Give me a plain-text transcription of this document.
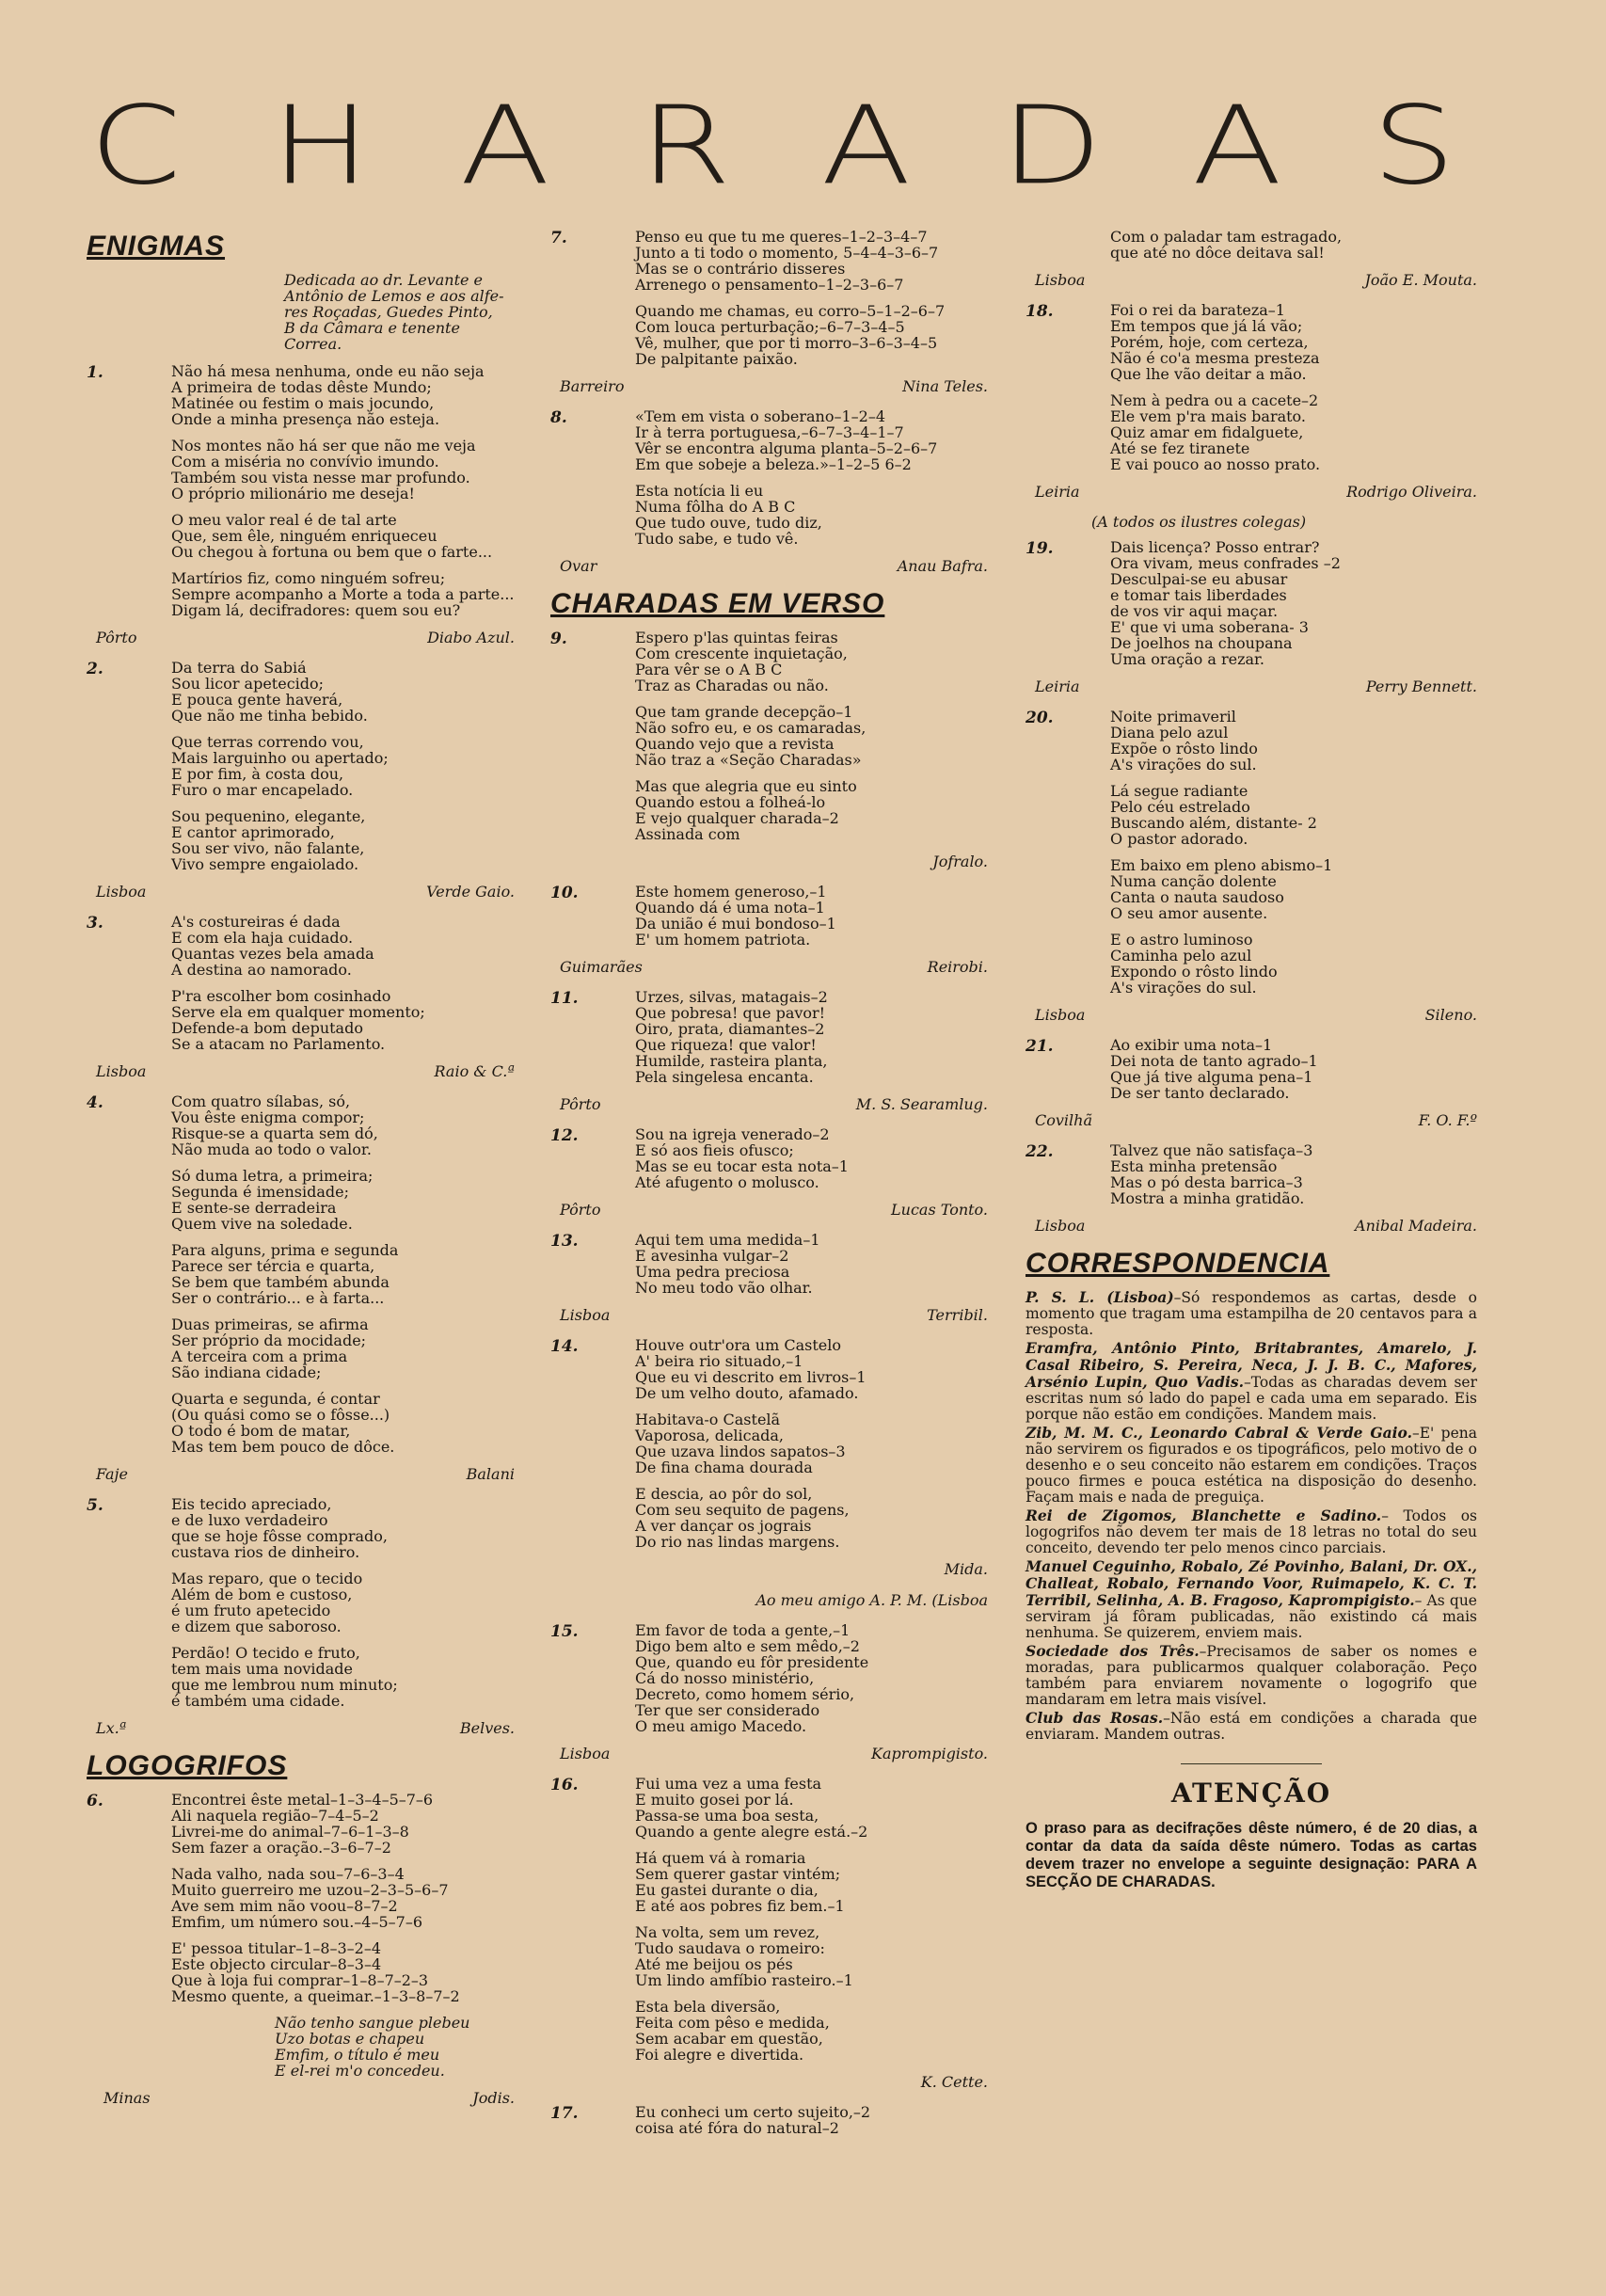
C H A R A D A S
ENIGMAS
Dedicada ao dr. Levante e
Antônio de Lemos e aos alfe-
res Roçadas, Guedes Pinto,
B da Câmara e tenente Correa.
1.	Não há mesa nenhuma, onde eu não seja
A primeira de todas dêste Mundo;
Matinée ou festim o mais jocundo,
Onde a minha presença não esteja.
Nos montes não há ser que não me veja
Com a miséria no convívio imundo.
Também sou vista nesse mar profundo.
O próprio milionário me deseja!
O meu valor real é de tal arte
Que, sem êle, ninguém enriqueceu
Ou chegou à fortuna ou bem que o farte...
Martírios fiz, como ninguém sofreu;
Sempre acompanho a Morte a toda a parte...
Digam lá, decifradores: quem sou eu?
Pôrto	Diabo Azul.
2.	Da terra do Sabiá
Sou licor apetecido;
E pouca gente haverá,
Que não me tinha bebido.
Que terras correndo vou,
Mais larguinho ou apertado;
E por fim, à costa dou,
Furo o mar encapelado.
Sou pequenino, elegante,
E cantor aprimorado,
Sou ser vivo, não falante,
Vivo sempre engaiolado.
Lisboa	Verde Gaio.
3.	A's costureiras é dada
E com ela haja cuidado.
Quantas vezes bela amada
A destina ao namorado.
P'ra escolher bom cosinhado
Serve ela em qualquer momento;
Defende-a bom deputado
Se a atacam no Parlamento.
Lisboa	Raio & C.ª
4.	Com quatro sílabas, só,
Vou êste enigma compor;
Risque-se a quarta sem dó,
Não muda ao todo o valor.
Só duma letra, a primeira;
Segunda é imensidade;
E sente-se derradeira
Quem vive na soledade.
Para alguns, prima e segunda
Parece ser tércia e quarta,
Se bem que também abunda
Ser o contrário... e à farta...
Duas primeiras, se afirma
Ser próprio da mocidade;
A terceira com a prima
São indiana cidade;
Quarta e segunda, é contar
(Ou quási como se o fôsse...)
O todo é bom de matar,
Mas tem bem pouco de dôce.
Faje	Balani
5.	Eis tecido apreciado,
e de luxo verdadeiro
que se hoje fôsse comprado,
custava rios de dinheiro.
Mas reparo, que o tecido
Além de bom e custoso,
é um fruto apetecido
e dizem que saboroso.
Perdão! O tecido e fruto,
tem mais uma novidade
que me lembrou num minuto;
é também uma cidade.
Lx.ª	Belves.
LOGOGRIFOS
6.	Encontrei êste metal–1–3–4–5–7–6
Ali naquela região–7–4–5–2
Livrei-me do animal–7–6–1–3–8
Sem fazer a oração.–3–6–7–2
Nada valho, nada sou–7–6–3–4
Muito guerreiro me uzou–2–3–5–6–7
Ave sem mim não voou–8–7–2
Emfim, um número sou.–4–5–7–6
E' pessoa titular–1–8–3–2–4
Este objecto circular–8–3–4
Que à loja fui comprar–1–8–7–2–3
Mesmo quente, a queimar.–1–3–8–7–2
Não tenho sangue plebeu
Uzo botas e chapeu
Emfim, o título é meu
E el-rei m'o concedeu.
Minas	Jodis.
7.	Penso eu que tu me queres–1–2–3–4–7
Junto a ti todo o momento, 5–4–4–3–6–7
Mas se o contrário disseres
Arrenego o pensamento–1–2–3–6–7
Quando me chamas, eu corro–5–1–2–6–7
Com louca perturbação;–6–7–3–4–5
Vê, mulher, que por ti morro–3–6–3–4–5
De palpitante paixão.
Barreiro	Nina Teles.
8.	«Tem em vista o soberano–1–2–4
Ir à terra portuguesa,–6–7–3–4–1–7
Vêr se encontra alguma planta–5–2–6–7
Em que sobeje a beleza.»–1–2–5 6–2
Esta notícia li eu
Numa fôlha do A B C
Que tudo ouve, tudo diz,
Tudo sabe, e tudo vê.
Ovar	Anau Bafra.
CHARADAS EM VERSO
9.	Espero p'las quintas feiras
Com crescente inquietação,
Para vêr se o A B C
Traz as Charadas ou não.
Que tam grande decepção–1
Não sofro eu, e os camaradas,
Quando vejo que a revista
Não traz a «Seção Charadas»
Mas que alegria que eu sinto
Quando estou a folheá-lo
E vejo qualquer charada–2
Assinada com
Jofralo.
10.	Este homem generoso,–1
Quando dá é uma nota–1
Da união é mui bondoso–1
E' um homem patriota.
Guimarães	Reirobi.
11.	Urzes, silvas, matagais–2
Que pobresa! que pavor!
Oiro, prata, diamantes–2
Que riqueza! que valor!
Humilde, rasteira planta,
Pela singelesa encanta.
Pôrto	M. S. Searamlug.
12.	Sou na igreja venerado–2
E só aos fieis ofusco;
Mas se eu tocar esta nota–1
Até afugento o molusco.
Pôrto	Lucas Tonto.
13.	Aqui tem uma medida–1
E avesinha vulgar–2
Uma pedra preciosa
No meu todo vão olhar.
Lisboa	Terribil.
14.	Houve outr'ora um Castelo
A' beira rio situado,–1
Que eu vi descrito em livros–1
De um velho douto, afamado.
Habitava-o Castelã
Vaporosa, delicada,
Que uzava lindos sapatos–3
De fina chama dourada
E descia, ao pôr do sol,
Com seu sequito de pagens,
A ver dançar os jograis
Do rio nas lindas margens.
Mida.
Ao meu amigo A. P. M. (Lisboa
15.	Em favor de toda a gente,–1
Digo bem alto e sem mêdo,–2
Que, quando eu fôr presidente
Cá do nosso ministério,
Decreto, como homem sério,
Ter que ser considerado
O meu amigo Macedo.
Lisboa	Kaprompigisto.
16.	Fui uma vez a uma festa
E muito gosei por lá.
Passa-se uma boa sesta,
Quando a gente alegre está.–2
Há quem vá à romaria
Sem querer gastar vintém;
Eu gastei durante o dia,
E até aos pobres fiz bem.–1
Na volta, sem um revez,
Tudo saudava o romeiro:
Até me beijou os pés
Um lindo amfíbio rasteiro.–1
Esta bela diversão,
Feita com pêso e medida,
Sem acabar em questão,
Foi alegre e divertida.
K. Cette.
17.	Eu conheci um certo sujeito,–2
coisa até fóra do natural–2
Com o paladar tam estragado,
que até no dôce deitava sal!
Lisboa	João E. Mouta.
18.	Foi o rei da barateza–1
Em tempos que já lá vão;
Porém, hoje, com certeza,
Não é co'a mesma presteza
Que lhe vão deitar a mão.
Nem à pedra ou a cacete–2
Ele vem p'ra mais barato.
Quiz amar em fidalguete,
Até se fez tiranete
E vai pouco ao nosso prato.
Leiria	Rodrigo Oliveira.
(A todos os ilustres colegas)
19.	Dais licença? Posso entrar?
Ora vivam, meus confrades –2
Desculpai-se eu abusar
e tomar tais liberdades
de vos vir aqui maçar.
E' que vi uma soberana- 3
De joelhos na choupana
Uma oração a rezar.
Leiria	Perry Bennett.
20.	Noite primaveril
Diana pelo azul
Expõe o rôsto lindo
A's virações do sul.
Lá segue radiante
Pelo céu estrelado
Buscando além, distante- 2
O pastor adorado.
Em baixo em pleno abismo–1
Numa canção dolente
Canta o nauta saudoso
O seu amor ausente.
E o astro luminoso
Caminha pelo azul
Expondo o rôsto lindo
A's virações do sul.
Lisboa	Sileno.
21.	Ao exibir uma nota–1
Dei nota de tanto agrado–1
Que já tive alguma pena–1
De ser tanto declarado.
Covilhã	F. O. F.º
22.	Talvez que não satisfaça–3
Esta minha pretensão
Mas o pó desta barrica–3
Mostra a minha gratidão.
Lisboa	Anibal Madeira.
CORRESPONDENCIA

P. S. L. (Lisboa)–Só respondemos as cartas, desde o momento que tragam uma estampilha de 20 centavos para a resposta.

Eramfra, Antônio Pinto, Britabrantes, Amarelo, J. Casal Ribeiro, S. Pereira, Neca, J. J. B. C., Mafores, Arsénio Lupin, Quo Vadis.–Todas as charadas devem ser escritas num só lado do papel e cada uma em separado. Eis porque não estão em condições. Mandem mais.

Zib, M. M. C., Leonardo Cabral & Verde Gaio.–E' pena não servirem os figurados e os tipográficos, pelo motivo de o desenho e o seu conceito não estarem em condições. Traços pouco firmes e pouca estética na disposição do desenho. Façam mais e nada de preguiça.

Rei de Zigomos, Blanchette e Sadino.– Todos os logogrifos não devem ter mais de 18 letras no total do seu conceito, devendo ter pelo menos cinco parciais.

Manuel Ceguinho, Robalo, Zé Povinho, Balani, Dr. OX., Challeat, Robalo, Fernando Voor, Ruimapelo, K. C. T. Terribil, Selinha, A. B. Fragoso, Kaprompigisto.– As que serviram já fôram publicadas, não existindo cá mais nenhuma. Se quizerem, enviem mais.

Sociedade dos Três.–Precisamos de saber os nomes e moradas, para publicarmos qualquer colaboração. Peço também para enviarem novamente o logogrifo que mandaram em letra mais visível.

Club das Rosas.–Não está em condições a charada que enviaram. Mandem outras.

ATENÇÃO
O praso para as decifrações dêste número, é de 20 dias, a contar da data da saída dêste número. Todas as cartas devem trazer no envelope a seguinte designação: PARA A SECÇÃO DE CHARADAS.
